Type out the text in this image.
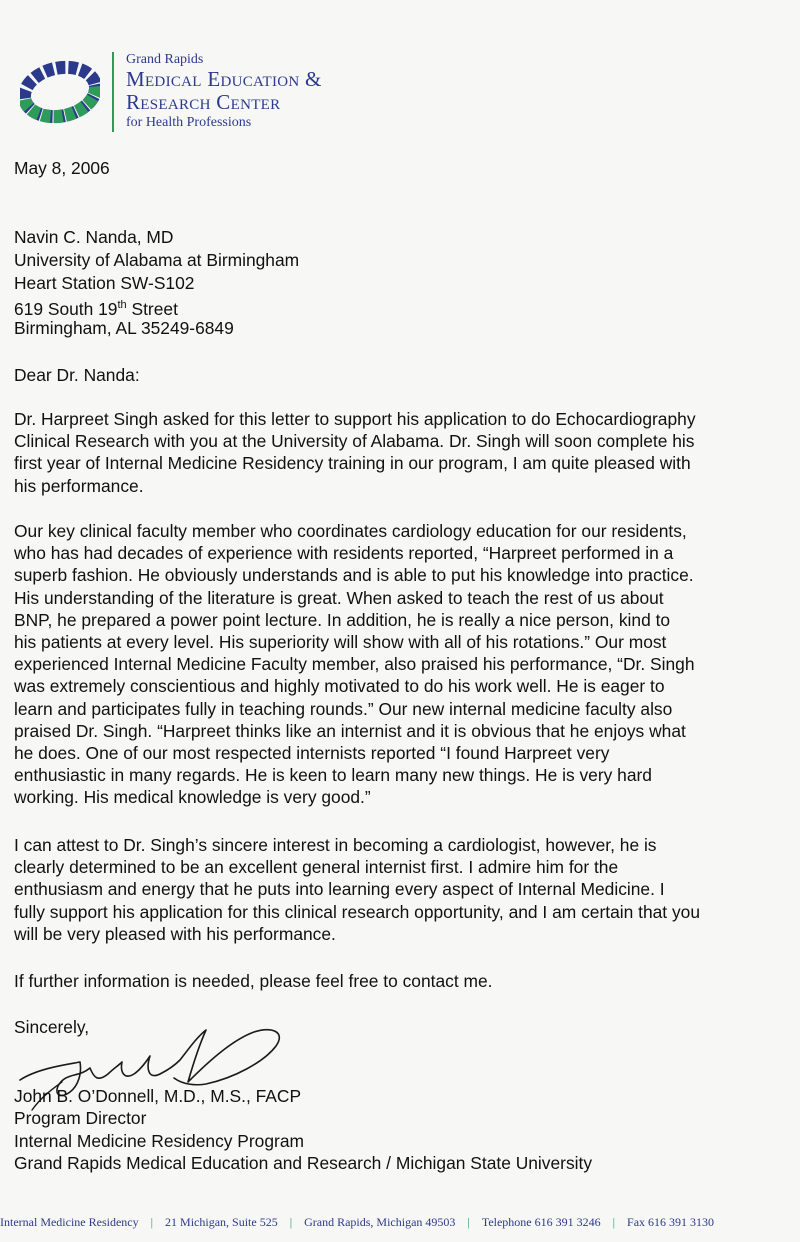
Grand Rapids
Medical Education &
Research Center
for Health Professions
May 8, 2006
Navin C. Nanda, MD
University of Alabama at Birmingham
Heart Station SW-S102
619 South 19th Street
Birmingham, AL 35249-6849
Dear Dr. Nanda:

Dr. Harpreet Singh asked for this letter to support his application to do Echocardiography

Clinical Research with you at the University of Alabama. Dr. Singh will soon complete his

first year of Internal Medicine Residency training in our program, I am quite pleased with

his performance.

Our key clinical faculty member who coordinates cardiology education for our residents,

who has had decades of experience with residents reported, “Harpreet performed in a

superb fashion. He obviously understands and is able to put his knowledge into practice.

His understanding of the literature is great. When asked to teach the rest of us about

BNP, he prepared a power point lecture. In addition, he is really a nice person, kind to

his patients at every level. His superiority will show with all of his rotations.” Our most

experienced Internal Medicine Faculty member, also praised his performance, “Dr. Singh

was extremely conscientious and highly motivated to do his work well. He is eager to

learn and participates fully in teaching rounds.” Our new internal medicine faculty also

praised Dr. Singh. “Harpreet thinks like an internist and it is obvious that he enjoys what

he does. One of our most respected internists reported “I found Harpreet very

enthusiastic in many regards. He is keen to learn many new things. He is very hard

working. His medical knowledge is very good.”

I can attest to Dr. Singh’s sincere interest in becoming a cardiologist, however, he is

clearly determined to be an excellent general internist first. I admire him for the

enthusiasm and energy that he puts into learning every aspect of Internal Medicine. I

fully support his application for this clinical research opportunity, and I am certain that you

will be very pleased with his performance.

If further information is needed, please feel free to contact me.
Sincerely,
John B. O’Donnell, M.D., M.S., FACP
Program Director
Internal Medicine Residency Program
Grand Rapids Medical Education and Research / Michigan State University
Internal Medicine Residency | 21 Michigan, Suite 525 | Grand Rapids, Michigan 49503 | Telephone 616 391 3246 | Fax 616 391 3130
